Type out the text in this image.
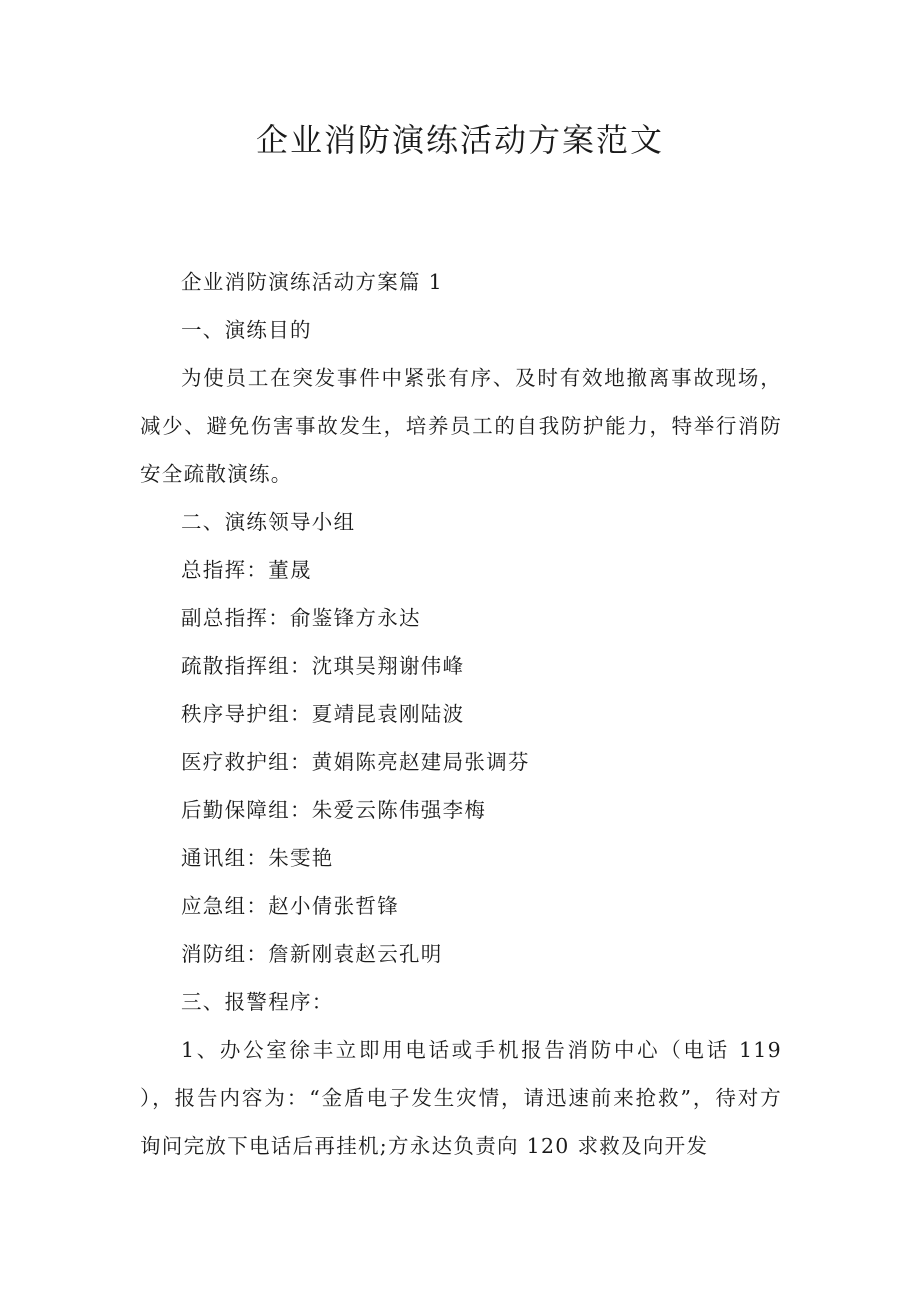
企业消防演练活动方案范文

企业消防演练活动方案篇 1

一、演练目的

为使员工在突发事件中紧张有序、及时有效地撤离事故现场，减少、避免伤害事故发生，培养员工的自我防护能力，特举行消防安全疏散演练。

二、演练领导小组

总指挥：董晟

副总指挥：俞鉴锋方永达

疏散指挥组：沈琪吴翔谢伟峰

秩序导护组：夏靖昆袁刚陆波

医疗救护组：黄娟陈亮赵建局张调芬

后勤保障组：朱爱云陈伟强李梅

通讯组：朱雯艳

应急组：赵小倩张哲锋

消防组：詹新刚袁赵云孔明

三、报警程序：

1、办公室徐丰立即用电话或手机报告消防中心（电话 119 ），报告内容为：“金盾电子发生灾情，请迅速前来抢救”，待对方询问完放下电话后再挂机;方永达负责向 120 求救及向开发
